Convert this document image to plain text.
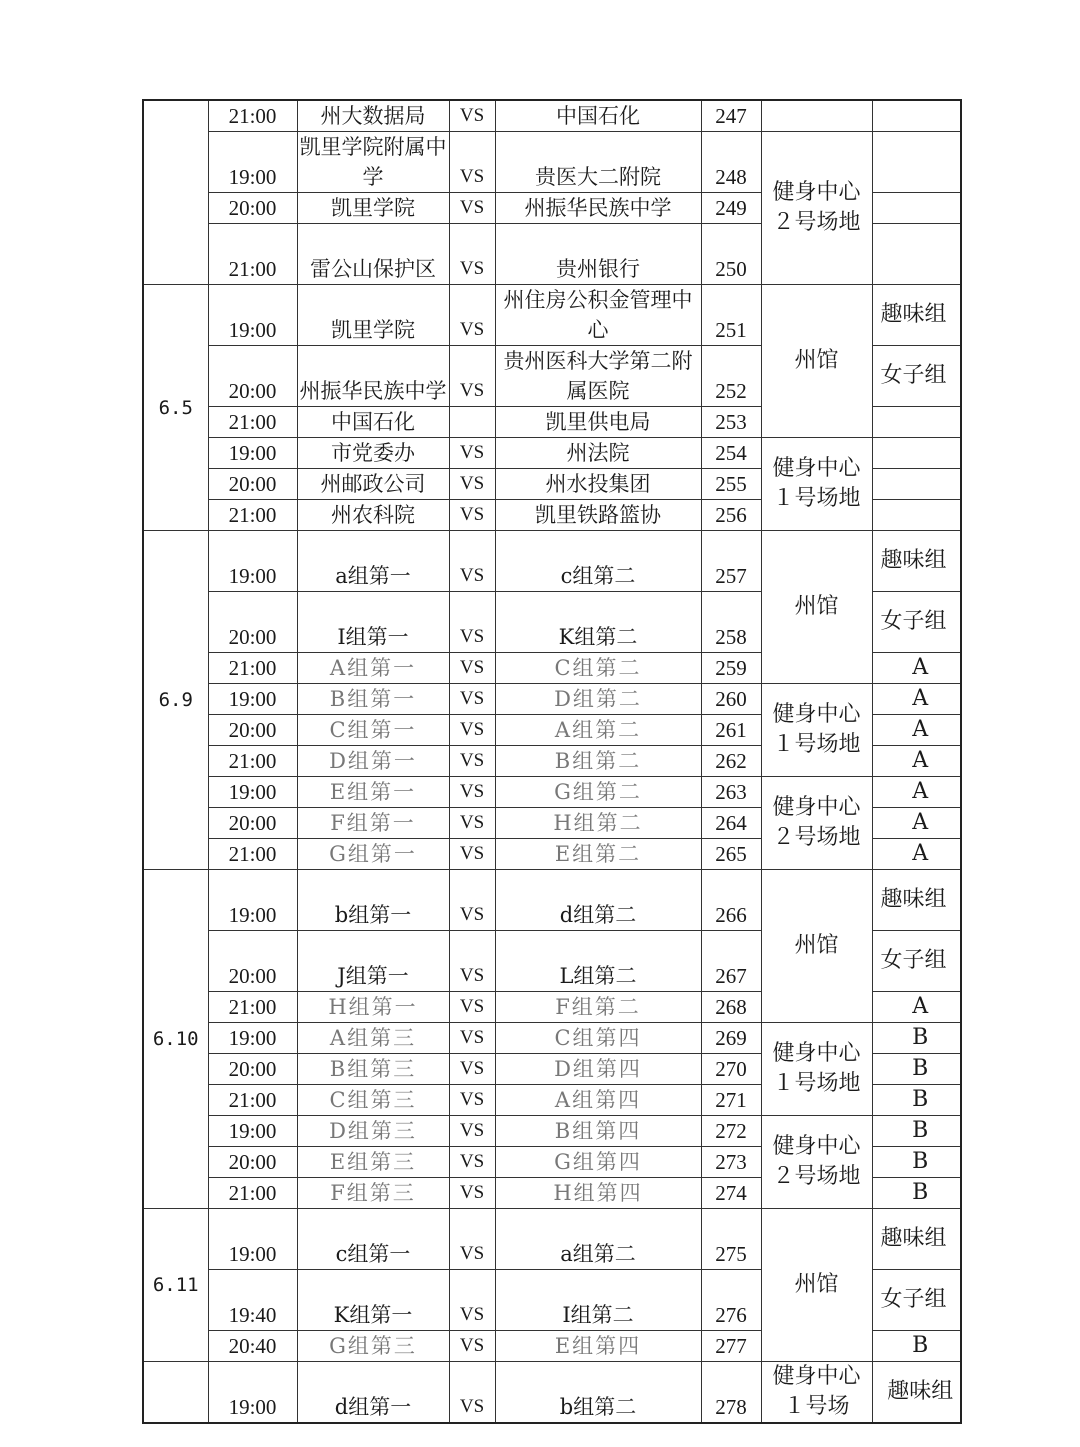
	21:00	州大数据局	VS	中国石化	247		
	19:00	凯里学院附属中学	VS	贵医大二附院	248	健身中心２号场地	
	20:00	凯里学院	VS	州振华民族中学	249		
	21:00	雷公山保护区	VS	贵州银行	250		
6.5	19:00	凯里学院	VS	州住房公积金管理中心	251	州馆	趣味组
	20:00	州振华民族中学	VS	贵州医科大学第二附属医院	252		女子组
	21:00	中国石化		凯里供电局	253		
	19:00	市党委办	VS	州法院	254	健身中心１号场地	
	20:00	州邮政公司	VS	州水投集团	255		
	21:00	州农科院	VS	凯里铁路篮协	256		
6.9	19:00	a组第一	VS	c组第二	257	州馆	趣味组
	20:00	I组第一	VS	K组第二	258		女子组
	21:00	A组第一	VS	C组第二	259		A
	19:00	B组第一	VS	D组第二	260	健身中心１号场地	A
	20:00	C组第一	VS	A组第二	261		A
	21:00	D组第一	VS	B组第二	262		A
	19:00	E组第一	VS	G组第二	263	健身中心２号场地	A
	20:00	F组第一	VS	H组第二	264		A
	21:00	G组第一	VS	E组第二	265		A
6.10	19:00	b组第一	VS	d组第二	266	州馆	趣味组
	20:00	J组第一	VS	L组第二	267		女子组
	21:00	H组第一	VS	F组第二	268		A
	19:00	A组第三	VS	C组第四	269	健身中心１号场地	B
	20:00	B组第三	VS	D组第四	270		B
	21:00	C组第三	VS	A组第四	271		B
	19:00	D组第三	VS	B组第四	272	健身中心２号场地	B
	20:00	E组第三	VS	G组第四	273		B
	21:00	F组第三	VS	H组第四	274		B
6.11	19:00	c组第一	VS	a组第二	275	州馆	趣味组
	19:40	K组第一	VS	I组第二	276		女子组
	20:40	G组第三	VS	E组第四	277		B
	19:00	d组第一	VS	b组第二	278	健身中心１号场	趣味组
